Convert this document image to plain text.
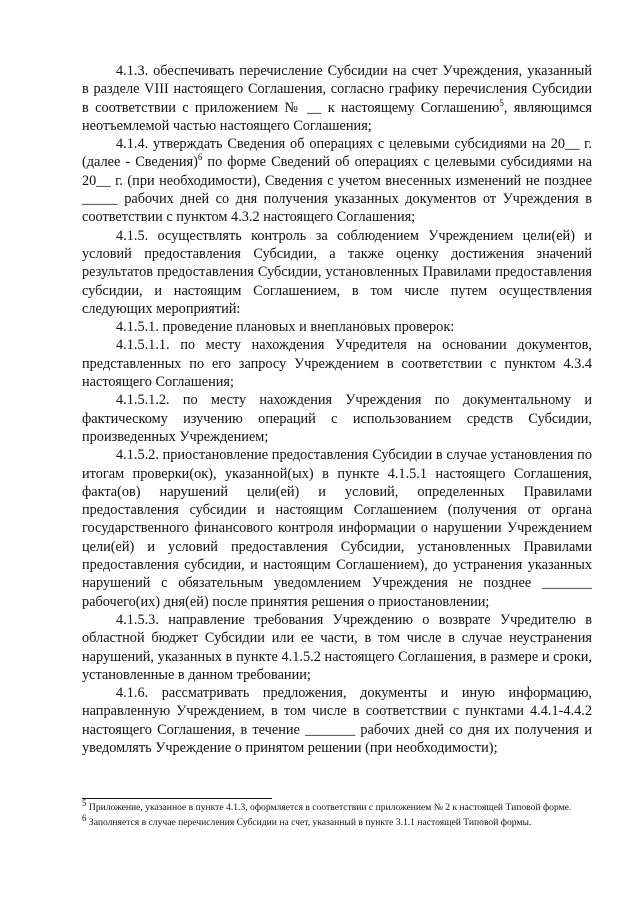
4.1.3. обеспечивать перечисление Субсидии на счет Учреждения, указанный в разделе VIII настоящего Соглашения, согласно графику перечисления Субсидии в соответствии с приложением № __ к настоящему Соглашению$^5$, являющимся неотъемлемой частью настоящего Соглашения;

4.1.4. утверждать Сведения об операциях с целевыми субсидиями на 20__ г. (далее - Сведения)$^6$ по форме Сведений об операциях с целевыми субсидиями на 20__ г. (при необходимости), Сведения с учетом внесенных изменений не позднее _____ рабочих дней со дня получения указанных документов от Учреждения в соответствии с пунктом 4.3.2 настоящего Соглашения;

4.1.5. осуществлять контроль за соблюдением Учреждением цели(ей) и условий предоставления Субсидии, а также оценку достижения значений результатов предоставления Субсидии, установленных Правилами предоставления субсидии, и настоящим Соглашением, в том числе путем осуществления следующих мероприятий:

4.1.5.1. проведение плановых и внеплановых проверок:

4.1.5.1.1. по месту нахождения Учредителя на основании документов, представленных по его запросу Учреждением в соответствии с пунктом 4.3.4 настоящего Соглашения;

4.1.5.1.2. по месту нахождения Учреждения по документальному и фактическому изучению операций с использованием средств Субсидии, произведенных Учреждением;

4.1.5.2. приостановление предоставления Субсидии в случае установления по итогам проверки(ок), указанной(ых) в пункте 4.1.5.1 настоящего Соглашения, факта(ов) нарушений цели(ей) и условий, определенных Правилами предоставления субсидии и настоящим Соглашением (получения от органа государственного финансового контроля информации о нарушении Учреждением цели(ей) и условий предоставления Субсидии, установленных Правилами предоставления субсидии, и настоящим Соглашением), до устранения указанных нарушений с обязательным уведомлением Учреждения не позднее _______ рабочего(их) дня(ей) после принятия решения о приостановлении;

4.1.5.3. направление требования Учреждению о возврате Учредителю в областной бюджет Субсидии или ее части, в том числе в случае неустранения нарушений, указанных в пункте 4.1.5.2 настоящего Соглашения, в размере и сроки, установленные в данном требовании;

4.1.6. рассматривать предложения, документы и иную информацию, направленную Учреждением, в том числе в соответствии с пунктами 4.4.1-4.4.2 настоящего Соглашения, в течение _______ рабочих дней со дня их получения и уведомлять Учреждение о принятом решении (при необходимости);

$^5$ Приложение, указанное в пункте 4.1.3, оформляется в соответствии с приложением № 2 к настоящей Типовой форме.

$^6$ Заполняется в случае перечисления Субсидии на счет, указанный в пункте 3.1.1 настоящей Типовой формы.
